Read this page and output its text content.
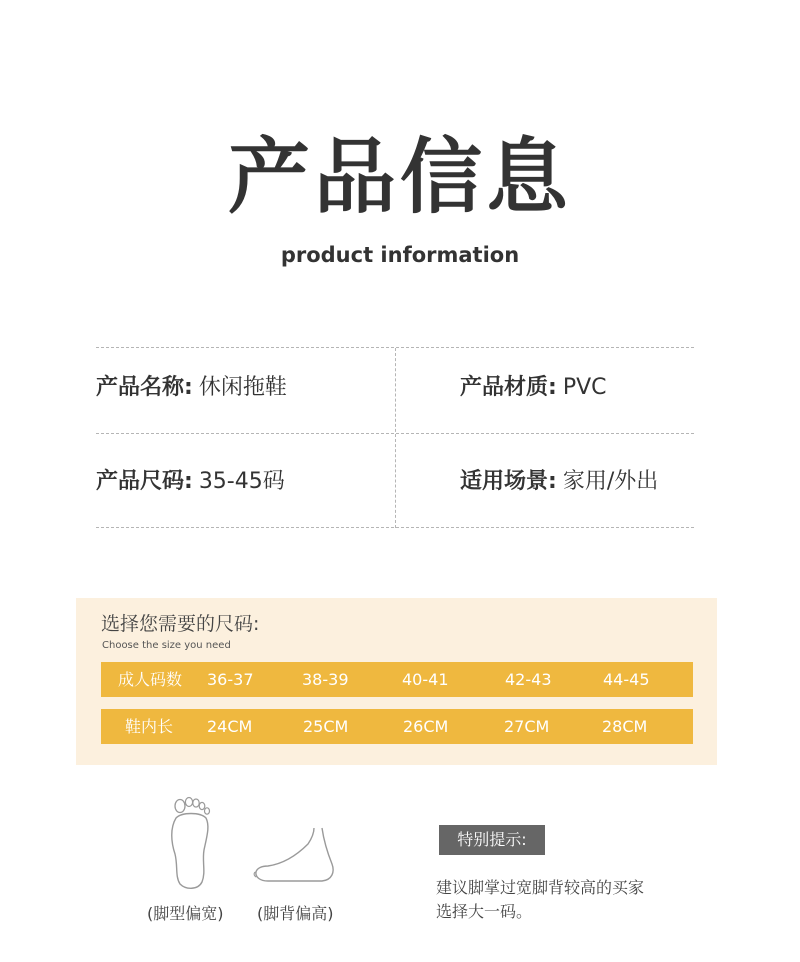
产品信息
product information
产品名称: 休闲拖鞋	产品材质: PVC
产品尺码: 35-45码	适用场景: 家用/外出
选择您需要的尺码:
Choose the size you need
成人码数 36-37	38-39	40-41	42-43	44-45
鞋内长 24CM	25CM	26CM	27CM	28CM
(脚型偏宽) (脚背偏高)
特别提示:
建议脚掌过宽脚背较高的买家
选择大一码。
